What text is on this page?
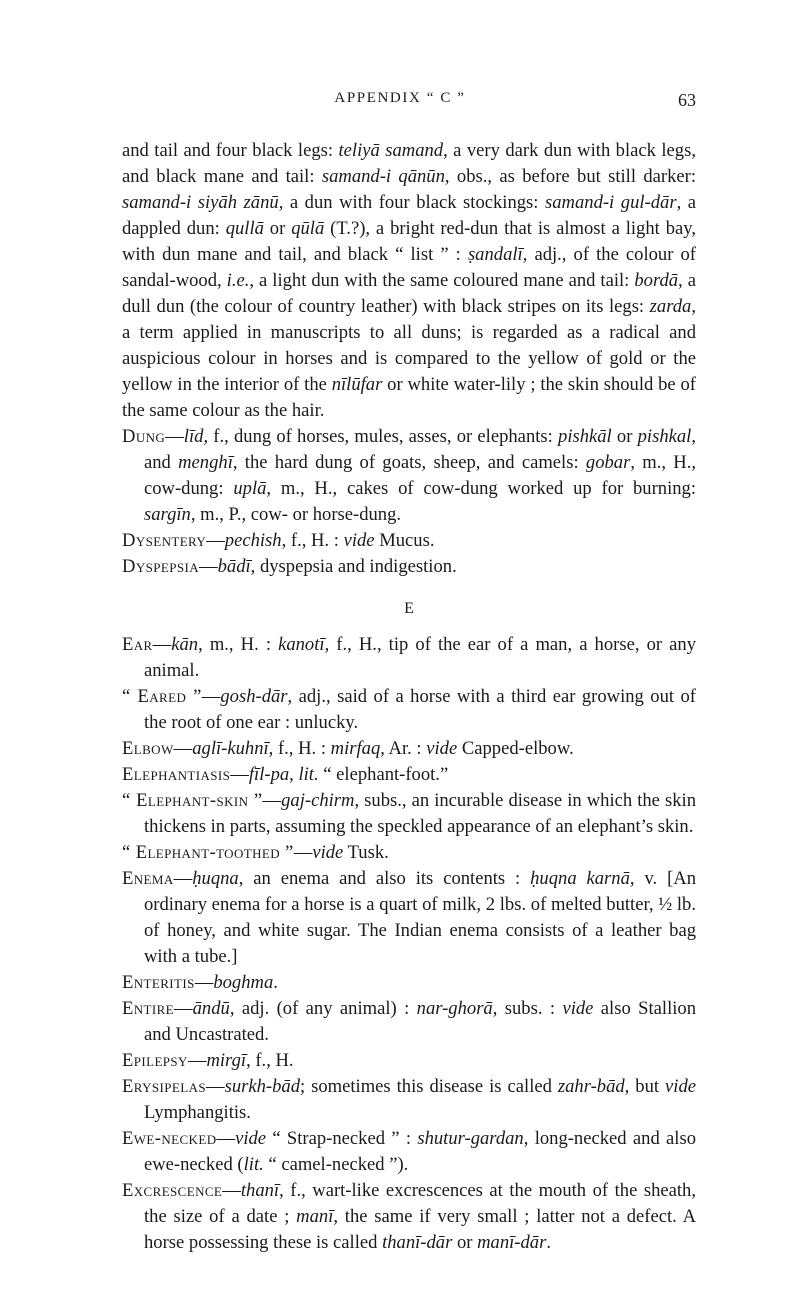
APPENDIX “ C ”	63

and tail and four black legs: teliyā samand, a very dark dun with black legs, and black mane and tail: samand-i qānūn, obs., as before but still darker: samand-i siyāh zānū, a dun with four black stockings: samand-i gul-dār, a dappled dun: qullā or qūlā (T.?), a bright red-dun that is almost a light bay, with dun mane and tail, and black “ list ” : ṣandalī, adj., of the colour of sandal-wood, i.e., a light dun with the same coloured mane and tail: bordā, a dull dun (the colour of country leather) with black stripes on its legs: zarda, a term applied in manuscripts to all duns; is regarded as a radical and auspicious colour in horses and is compared to the yellow of gold or the yellow in the interior of the nīlūfar or white water-lily ; the skin should be of the same colour as the hair.

Dung—līd, f., dung of horses, mules, asses, or elephants: pishkāl or pishkal, and menghī, the hard dung of goats, sheep, and camels: gobar, m., H., cow-dung: uplā, m., H., cakes of cow-dung worked up for burning: sargīn, m., P., cow- or horse-dung.

Dysentery—pechish, f., H. : vide Mucus.

Dyspepsia—bādī, dyspepsia and indigestion.

E

Ear—kān, m., H. : kanotī, f., H., tip of the ear of a man, a horse, or any animal.

“ Eared ”—gosh-dār, adj., said of a horse with a third ear growing out of the root of one ear : unlucky.

Elbow—aglī-kuhnī, f., H. : mirfaq, Ar. : vide Capped-elbow.

Elephantiasis—fīl-pa, lit. “ elephant-foot.”

“ Elephant-skin ”—gaj-chirm, subs., an incurable disease in which the skin thickens in parts, assuming the speckled appearance of an elephant’s skin.

“ Elephant-toothed ”—vide Tusk.

Enema—ḥuqna, an enema and also its contents : ḥuqna karnā, v. [An ordinary enema for a horse is a quart of milk, 2 lbs. of melted butter, ½ lb. of honey, and white sugar. The Indian enema consists of a leather bag with a tube.]

Enteritis—boghma.

Entire—āndū, adj. (of any animal) : nar-ghorā, subs. : vide also Stallion and Uncastrated.

Epilepsy—mirgī, f., H.

Erysipelas—surkh-bād; sometimes this disease is called zahr-bād, but vide Lymphangitis.

Ewe-necked—vide “ Strap-necked ” : shutur-gardan, long-necked and also ewe-necked (lit. “ camel-necked ”).

Excrescence—thanī, f., wart-like excrescences at the mouth of the sheath, the size of a date ; manī, the same if very small ; latter not a defect. A horse possessing these is called thanī-dār or manī-dār.
